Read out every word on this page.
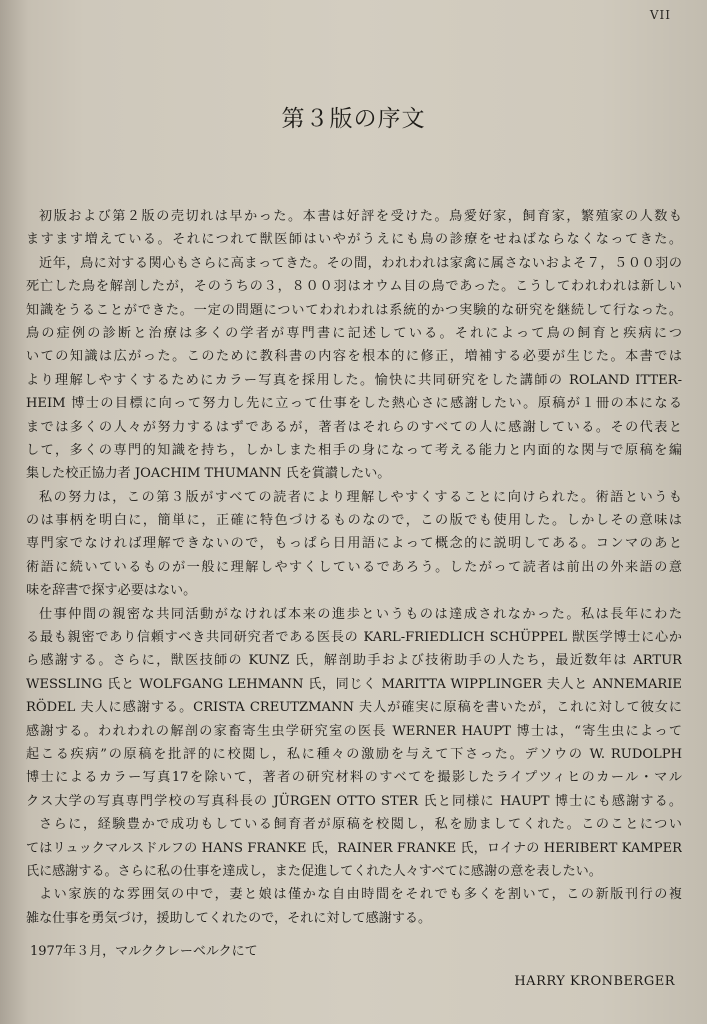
VII
第３版の序文
初版および第２版の売切れは早かった。本書は好評を受けた。鳥愛好家，飼育家，繁殖家の人数も
ますます増えている。それにつれて獣医師はいやがうえにも鳥の診療をせねばならなくなってきた。
近年，鳥に対する関心もさらに高まってきた。その間，われわれは家禽に属さないおよそ７，５００羽の
死亡した鳥を解剖したが，そのうちの３，８００羽はオウム目の鳥であった。こうしてわれわれは新しい
知識をうることができた。一定の問題についてわれわれは系統的かつ実験的な研究を継続して行なった。
鳥の症例の診断と治療は多くの学者が専門書に記述している。それによって鳥の飼育と疾病につ
いての知識は広がった。このために教科書の内容を根本的に修正，増補する必要が生じた。本書では
より理解しやすくするためにカラー写真を採用した。愉快に共同研究をした講師の ROLAND ITTER-
HEIM 博士の目標に向って努力し先に立って仕事をした熱心さに感謝したい。原稿が１冊の本になる
までは多くの人々が努力するはずであるが，著者はそれらのすべての人に感謝している。その代表と
して，多くの専門的知識を持ち，しかしまた相手の身になって考える能力と内面的な関与で原稿を編
集した校正協力者 JOACHIM THUMANN 氏を賞讃したい。
私の努力は，この第３版がすべての読者により理解しやすくすることに向けられた。術語というも
のは事柄を明白に，簡単に，正確に特色づけるものなので，この版でも使用した。しかしその意味は
専門家でなければ理解できないので，もっぱら日用語によって概念的に説明してある。コンマのあと
術語に続いているものが一般に理解しやすくしているであろう。したがって読者は前出の外来語の意
味を辞書で探す必要はない。
仕事仲間の親密な共同活動がなければ本来の進歩というものは達成されなかった。私は長年にわた
る最も親密であり信頼すべき共同研究者である医長の KARL-FRIEDLICH SCHÜPPEL 獣医学博士に心か
ら感謝する。さらに，獣医技師の KUNZ 氏，解剖助手および技術助手の人たち，最近数年は ARTUR
WESSLING 氏と WOLFGANG LEHMANN 氏，同じく MARITTA WIPPLINGER 夫人と ANNEMARIE
RÖDEL 夫人に感謝する。CRISTA CREUTZMANN 夫人が確実に原稿を書いたが，これに対して彼女に
感謝する。われわれの解剖の家畜寄生虫学研究室の医長 WERNER HAUPT 博士は，“寄生虫によって
起こる疾病”の原稿を批評的に校閲し，私に種々の激励を与えて下さった。デソウの W. RUDOLPH
博士によるカラー写真17を除いて，著者の研究材料のすべてを撮影したライプツィヒのカール・マル
クス大学の写真専門学校の写真科長の JÜRGEN OTTO STER 氏と同様に HAUPT 博士にも感謝する。
さらに，経験豊かで成功もしている飼育者が原稿を校閲し，私を励ましてくれた。このことについ
てはリュックマルスドルフの HANS FRANKE 氏，RAINER FRANKE 氏，ロイナの HERIBERT KAMPER
氏に感謝する。さらに私の仕事を達成し，また促進してくれた人々すべてに感謝の意を表したい。
よい家族的な雰囲気の中で，妻と娘は僅かな自由時間をそれでも多くを割いて，この新版刊行の複
雑な仕事を勇気づけ，援助してくれたので，それに対して感謝する。
1977年３月，マルククレーベルクにて
HARRY KRONBERGER
